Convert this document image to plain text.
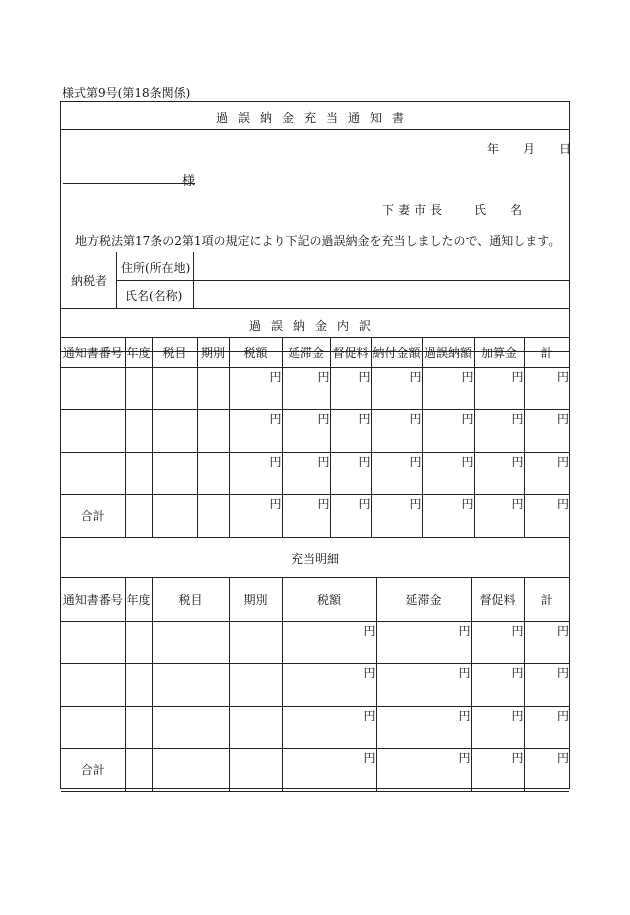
様式第9号(第18条関係)
過誤納金充当通知書
年 月 日
様
下妻市長 氏　　名
地方税法第17条の2第1項の規定により下記の過誤納金を充当しましたので、通知します。
納税者
住所(所在地)
氏名(名称)
過誤納金内訳
通知書番号	年度	税目	期別	税額	延滞金	督促料	納付金額	過誤納額	加算金	計
				円	円	円	円	円	円	円
				円	円	円	円	円	円	円
				円	円	円	円	円	円	円
合計				円	円	円	円	円	円	円
充当明細
通知書番号	年度	税目	期別	税額	延滞金	督促料	計
				円	円	円	円
				円	円	円	円
				円	円	円	円
合計				円	円	円	円
